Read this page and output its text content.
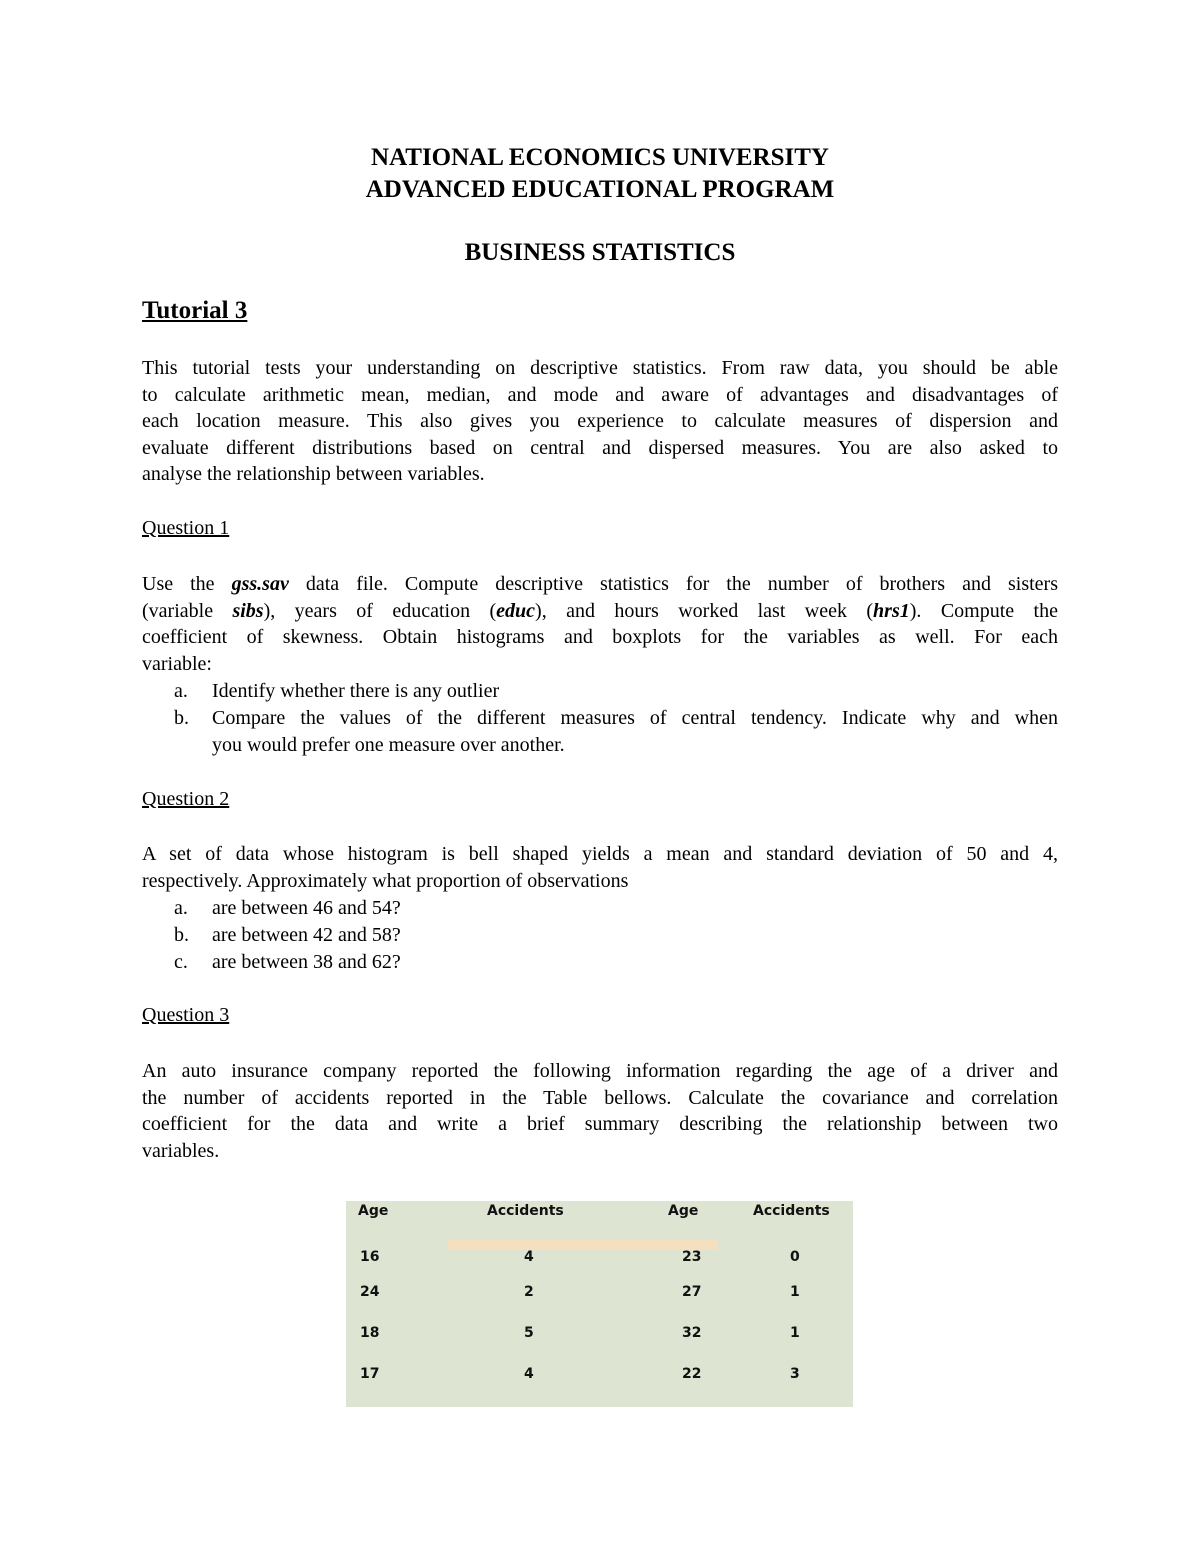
NATIONAL ECONOMICS UNIVERSITY

ADVANCED EDUCATIONAL PROGRAM

BUSINESS STATISTICS

Tutorial 3

This tutorial tests your understanding on descriptive statistics. From raw data, you should be able
to calculate arithmetic mean, median, and mode and aware of advantages and disadvantages of
each location measure. This also gives you experience to calculate measures of dispersion and
evaluate different distributions based on central and dispersed measures. You are also asked to
analyse the relationship between variables.

Question 1

Use the gss.sav data file. Compute descriptive statistics for the number of brothers and sisters
(variable sibs), years of education (educ), and hours worked last week (hrs1). Compute the
coefficient of skewness. Obtain histograms and boxplots for the variables as well. For each
variable:
a. Identify whether there is any outlier
b. Compare the values of the different measures of central tendency. Indicate why and when
you would prefer one measure over another.

Question 2

A set of data whose histogram is bell shaped yields a mean and standard deviation of 50 and 4,
respectively. Approximately what proportion of observations
a. are between 46 and 54?
b. are between 42 and 58?
c. are between 38 and 62?

Question 3

An auto insurance company reported the following information regarding the age of a driver and
the number of accidents reported in the Table bellows. Calculate the covariance and correlation
coefficient for the data and write a brief summary describing the relationship between two
variables.
Age	Accidents	Age	Accidents
16	4	23	0
24	2	27	1
18	5	32	1
17	4	22	3
